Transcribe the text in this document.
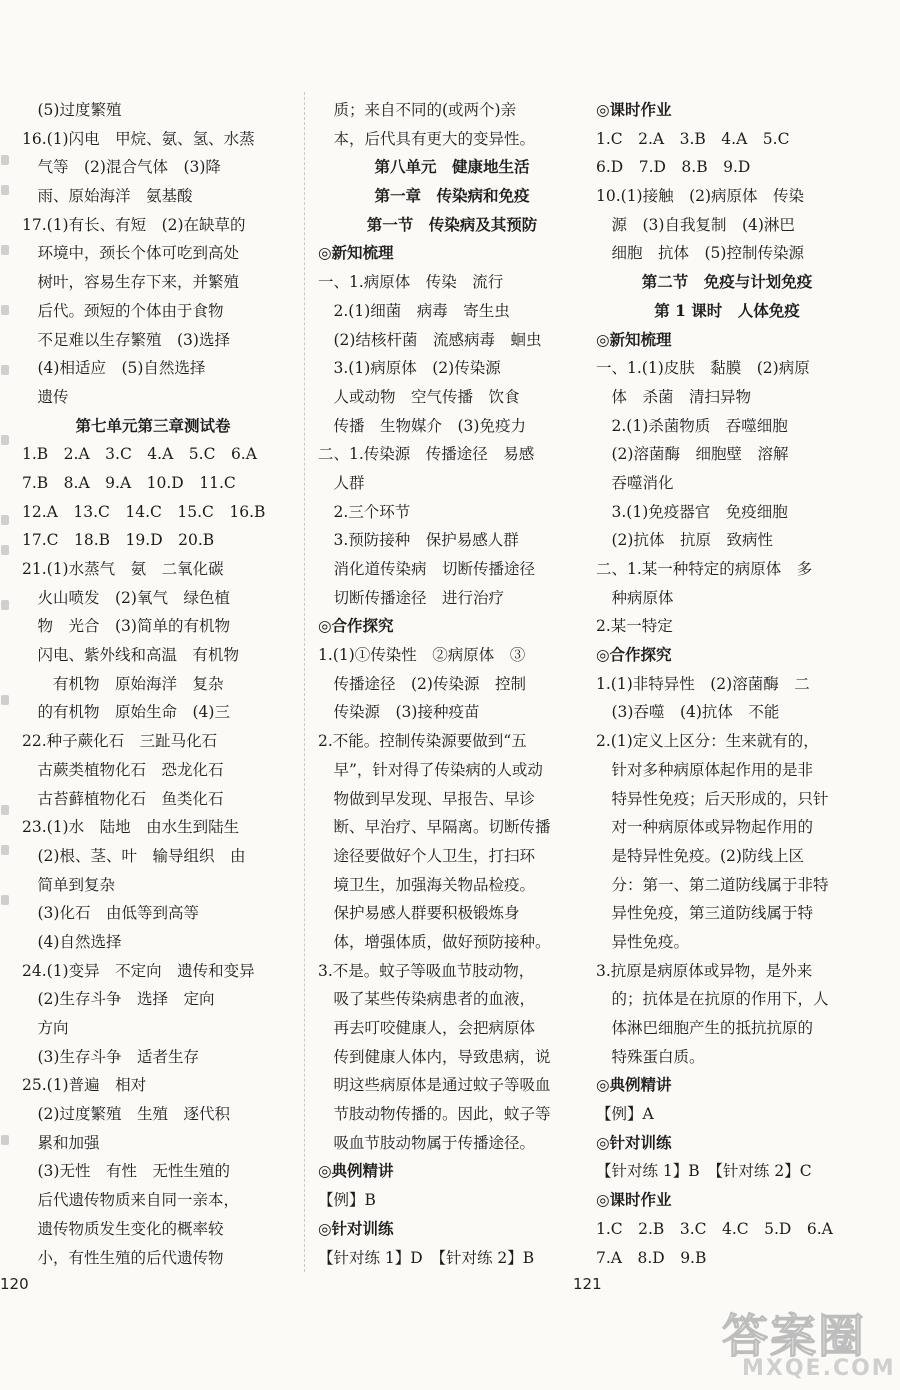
　(5)过度繁殖
16.(1)闪电　甲烷、氨、氢、水蒸
　气等　(2)混合气体　(3)降
　雨、原始海洋　氨基酸
17.(1)有长、有短　(2)在缺草的
　环境中，颈长个体可吃到高处
　树叶，容易生存下来，并繁殖
　后代。颈短的个体由于食物
　不足难以生存繁殖　(3)选择
　(4)相适应　(5)自然选择
　遗传
第七单元第三章测试卷
1.B　2.A　3.C　4.A　5.C　6.A
7.B　8.A　9.A　10.D　11.C
12.A　13.C　14.C　15.C　16.B
17.C　18.B　19.D　20.B
21.(1)水蒸气　氨　二氧化碳
　火山喷发　(2)氧气　绿色植
　物　光合　(3)简单的有机物
　闪电、紫外线和高温　有机物
　　有机物　原始海洋　复杂
　的有机物　原始生命　(4)三
22.种子蕨化石　三趾马化石
　古蕨类植物化石　恐龙化石
　古苔藓植物化石　鱼类化石
23.(1)水　陆地　由水生到陆生
　(2)根、茎、叶　输导组织　由
　简单到复杂
　(3)化石　由低等到高等
　(4)自然选择
24.(1)变异　不定向　遗传和变异
　(2)生存斗争　选择　定向
　方向
　(3)生存斗争　适者生存
25.(1)普遍　相对
　(2)过度繁殖　生殖　逐代积
　累和加强
　(3)无性　有性　无性生殖的
　后代遗传物质来自同一亲本，
　遗传物质发生变化的概率较
　小，有性生殖的后代遗传物
　质；来自不同的(或两个)亲
　本，后代具有更大的变异性。
第八单元　健康地生活
第一章　传染病和免疫
第一节　传染病及其预防
◎新知梳理
一、1.病原体　传染　流行
　2.(1)细菌　病毒　寄生虫
　(2)结核杆菌　流感病毒　蛔虫
　3.(1)病原体　(2)传染源
　人或动物　空气传播　饮食
　传播　生物媒介　(3)免疫力
二、1.传染源　传播途径　易感
　人群
　2.三个环节
　3.预防接种　保护易感人群
　消化道传染病　切断传播途径
　切断传播途径　进行治疗
◎合作探究
1.(1)①传染性　②病原体　③
　传播途径　(2)传染源　控制
　传染源　(3)接种疫苗
2.不能。控制传染源要做到“五
　早”，针对得了传染病的人或动
　物做到早发现、早报告、早诊
　断、早治疗、早隔离。切断传播
　途径要做好个人卫生，打扫环
　境卫生，加强海关物品检疫。
　保护易感人群要积极锻炼身
　体，增强体质，做好预防接种。
3.不是。蚊子等吸血节肢动物，
　吸了某些传染病患者的血液，
　再去叮咬健康人，会把病原体
　传到健康人体内，导致患病，说
　明这些病原体是通过蚊子等吸血
　节肢动物传播的。因此，蚊子等
　吸血节肢动物属于传播途径。
◎典例精讲
【例】B
◎针对训练
【针对练 1】D　【针对练 2】B
◎课时作业
1.C　2.A　3.B　4.A　5.C
6.D　7.D　8.B　9.D
10.(1)接触　(2)病原体　传染
　源　(3)自我复制　(4)淋巴
　细胞　抗体　(5)控制传染源
第二节　免疫与计划免疫
第 1 课时　人体免疫
◎新知梳理
一、1.(1)皮肤　黏膜　(2)病原
　体　杀菌　清扫异物
　2.(1)杀菌物质　吞噬细胞
　(2)溶菌酶　细胞壁　溶解
　吞噬消化
　3.(1)免疫器官　免疫细胞
　(2)抗体　抗原　致病性
二、1.某一种特定的病原体　多
　种病原体
2.某一特定
◎合作探究
1.(1)非特异性　(2)溶菌酶　二
　(3)吞噬　(4)抗体　不能
2.(1)定义上区分：生来就有的，
　针对多种病原体起作用的是非
　特异性免疫；后天形成的，只针
　对一种病原体或异物起作用的
　是特异性免疫。(2)防线上区
　分：第一、第二道防线属于非特
　异性免疫，第三道防线属于特
　异性免疫。
3.抗原是病原体或异物，是外来
　的；抗体是在抗原的作用下，人
　体淋巴细胞产生的抵抗抗原的
　特殊蛋白质。
◎典例精讲
【例】A
◎针对训练
【针对练 1】B　【针对练 2】C
◎课时作业
1.C　2.B　3.C　4.C　5.D　6.A
7.A　8.D　9.B
120	121
答案圈
MXQE.COM
